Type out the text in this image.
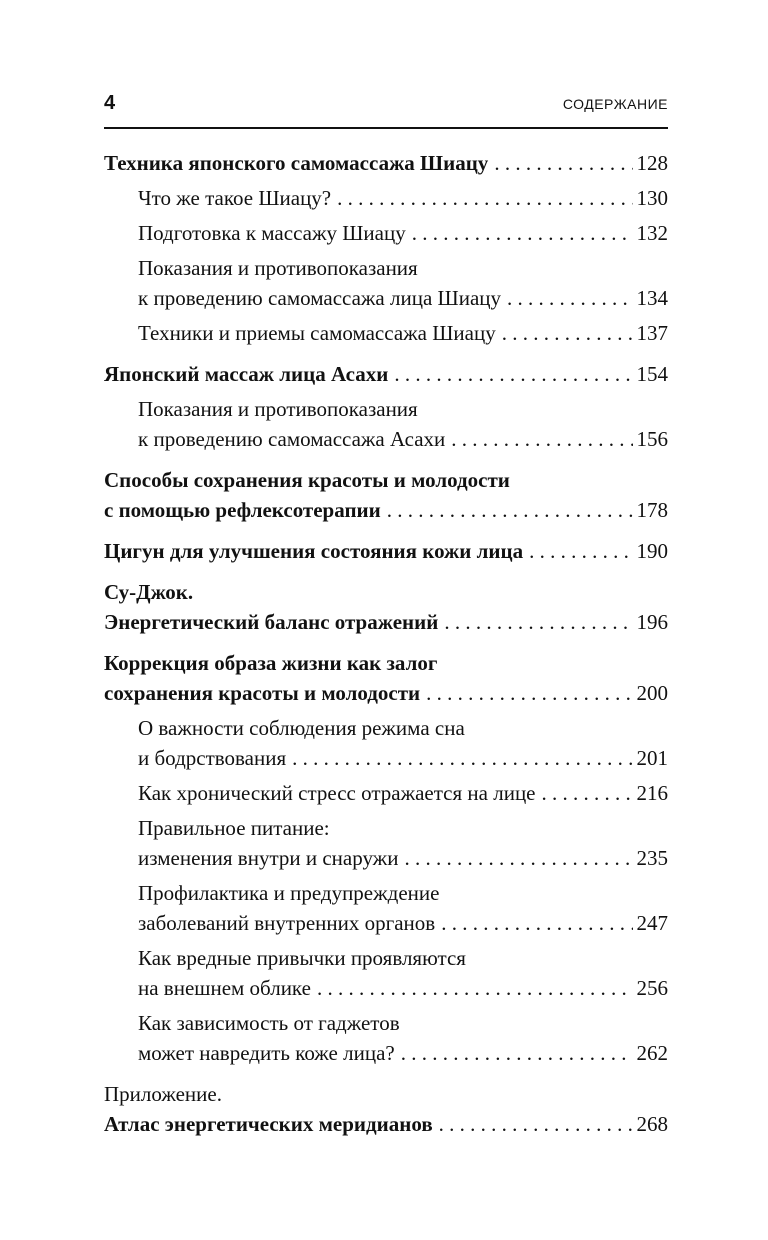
4	СОДЕРЖАНИЕ
Техника японского самомассажа Шиацу . . .	128
Что же такое Шиацу? . . .	130
Подготовка к массажу Шиацу . . .	132
Показания и противопоказания
к проведению самомассажа лица Шиацу . . .	134
Техники и приемы самомассажа Шиацу . . .	137
Японский массаж лица Асахи . . .	154
Показания и противопоказания
к проведению самомассажа Асахи . . .	156
Способы сохранения красоты и молодости
с помощью рефлексотерапии . . .	178
Цигун для улучшения состояния кожи лица . . .	190
Су-Джок.
Энергетический баланс отражений . . .	196
Коррекция образа жизни как залог
сохранения красоты и молодости . . .	200
О важности соблюдения режима сна
и бодрствования . . .	201
Как хронический стресс отражается на лице . . .	216
Правильное питание:
изменения внутри и снаружи . . .	235
Профилактика и предупреждение
заболеваний внутренних органов . . .	247
Как вредные привычки проявляются
на внешнем облике . . .	256
Как зависимость от гаджетов
может навредить коже лица? . . .	262
Приложение.
Атлас энергетических меридианов . . .	268
